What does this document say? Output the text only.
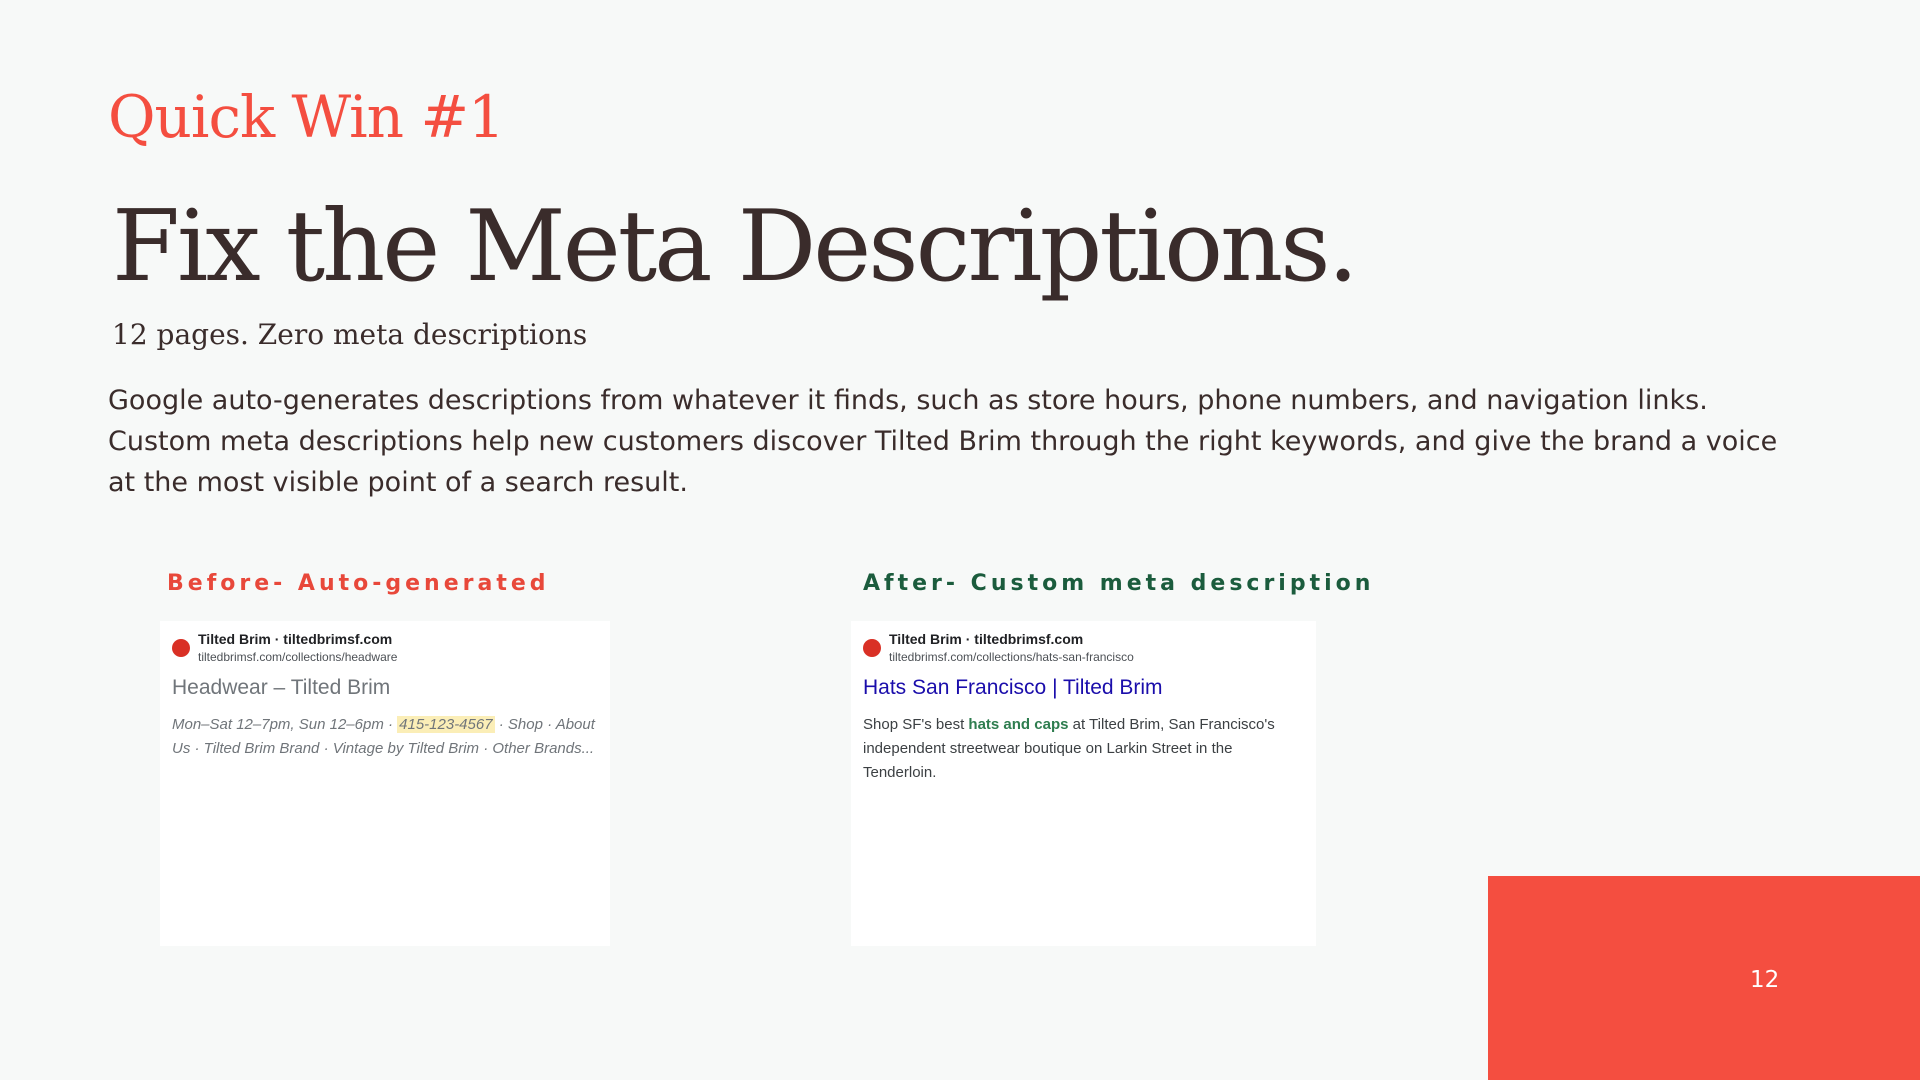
Quick Win #1
Fix the Meta Descriptions.

12 pages. Zero meta descriptions

Google auto-generates descriptions from whatever it finds, such as store hours, phone numbers, and navigation links. Custom meta descriptions help new customers discover Tilted Brim through the right keywords, and give the brand a voice at the most visible point of a search result.

Before- Auto-generated	After- Custom meta description
Tilted Brim · tiltedbrimsf.com
tiltedbrimsf.com/collections/headware
Headwear – Tilted Brim
Mon–Sat 12–7pm, Sun 12–6pm · 415-123-4567 · Shop · About Us · Tilted Brim Brand · Vintage by Tilted Brim · Other Brands...
Tilted Brim · tiltedbrimsf.com
tiltedbrimsf.com/collections/hats-san-francisco
Hats San Francisco | Tilted Brim
Shop SF's best hats and caps at Tilted Brim, San Francisco's independent streetwear boutique on Larkin Street in the Tenderloin.
12
